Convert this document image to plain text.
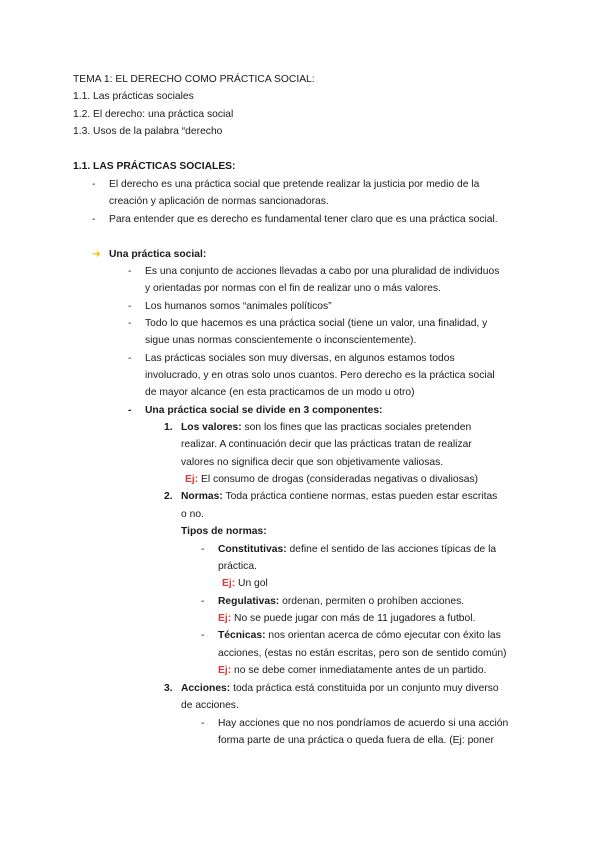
TEMA 1: EL DERECHO COMO PRÁCTICA SOCIAL:
1.1. Las prácticas sociales
1.2. El derecho: una práctica social
1.3. Usos de la palabra “derecho
1.1. LAS PRÁCTICAS SOCIALES:
- El derecho es una práctica social que pretende realizar la justicia por medio de la
creación y aplicación de normas sancionadoras.
- Para entender que es derecho es fundamental tener claro que es una práctica social.
➔ Una práctica social:
- Es una conjunto de acciones llevadas a cabo por una pluralidad de individuos
y orientadas por normas con el fin de realizar uno o más valores.
- Los humanos somos “animales políticos”
- Todo lo que hacemos es una práctica social (tiene un valor, una finalidad, y
sigue unas normas conscientemente o inconscientemente).
- Las prácticas sociales son muy diversas, en algunos estamos todos
involucrado, y en otras solo unos cuantos. Pero derecho es la práctica social
de mayor alcance (en esta practicamos de un modo u otro)
- Una práctica social se divide en 3 componentes:
1. Los valores: son los fines que las practicas sociales pretenden
realizar. A continuación decir que las prácticas tratan de realizar
valores no significa decir que son objetivamente valiosas.
Ej: El consumo de drogas (consideradas negativas o divaliosas)
2. Normas: Toda práctica contiene normas, estas pueden estar escritas
o no.
Tipos de normas:
- Constitutivas: define el sentido de las acciones típicas de la
práctica.
Ej: Un gol
- Regulativas: ordenan, permiten o prohíben acciones.
Ej: No se puede jugar con más de 11 jugadores a futbol.
- Técnicas: nos orientan acerca de cómo ejecutar con éxito las
acciones, (estas no están escritas, pero son de sentido común)
Ej: no se debe comer inmediatamente antes de un partido.
3. Acciones: toda práctica está constituida por un conjunto muy diverso
de acciones.
- Hay acciones que no nos pondríamos de acuerdo si una acción
forma parte de una práctica o queda fuera de ella. (Ej: poner
